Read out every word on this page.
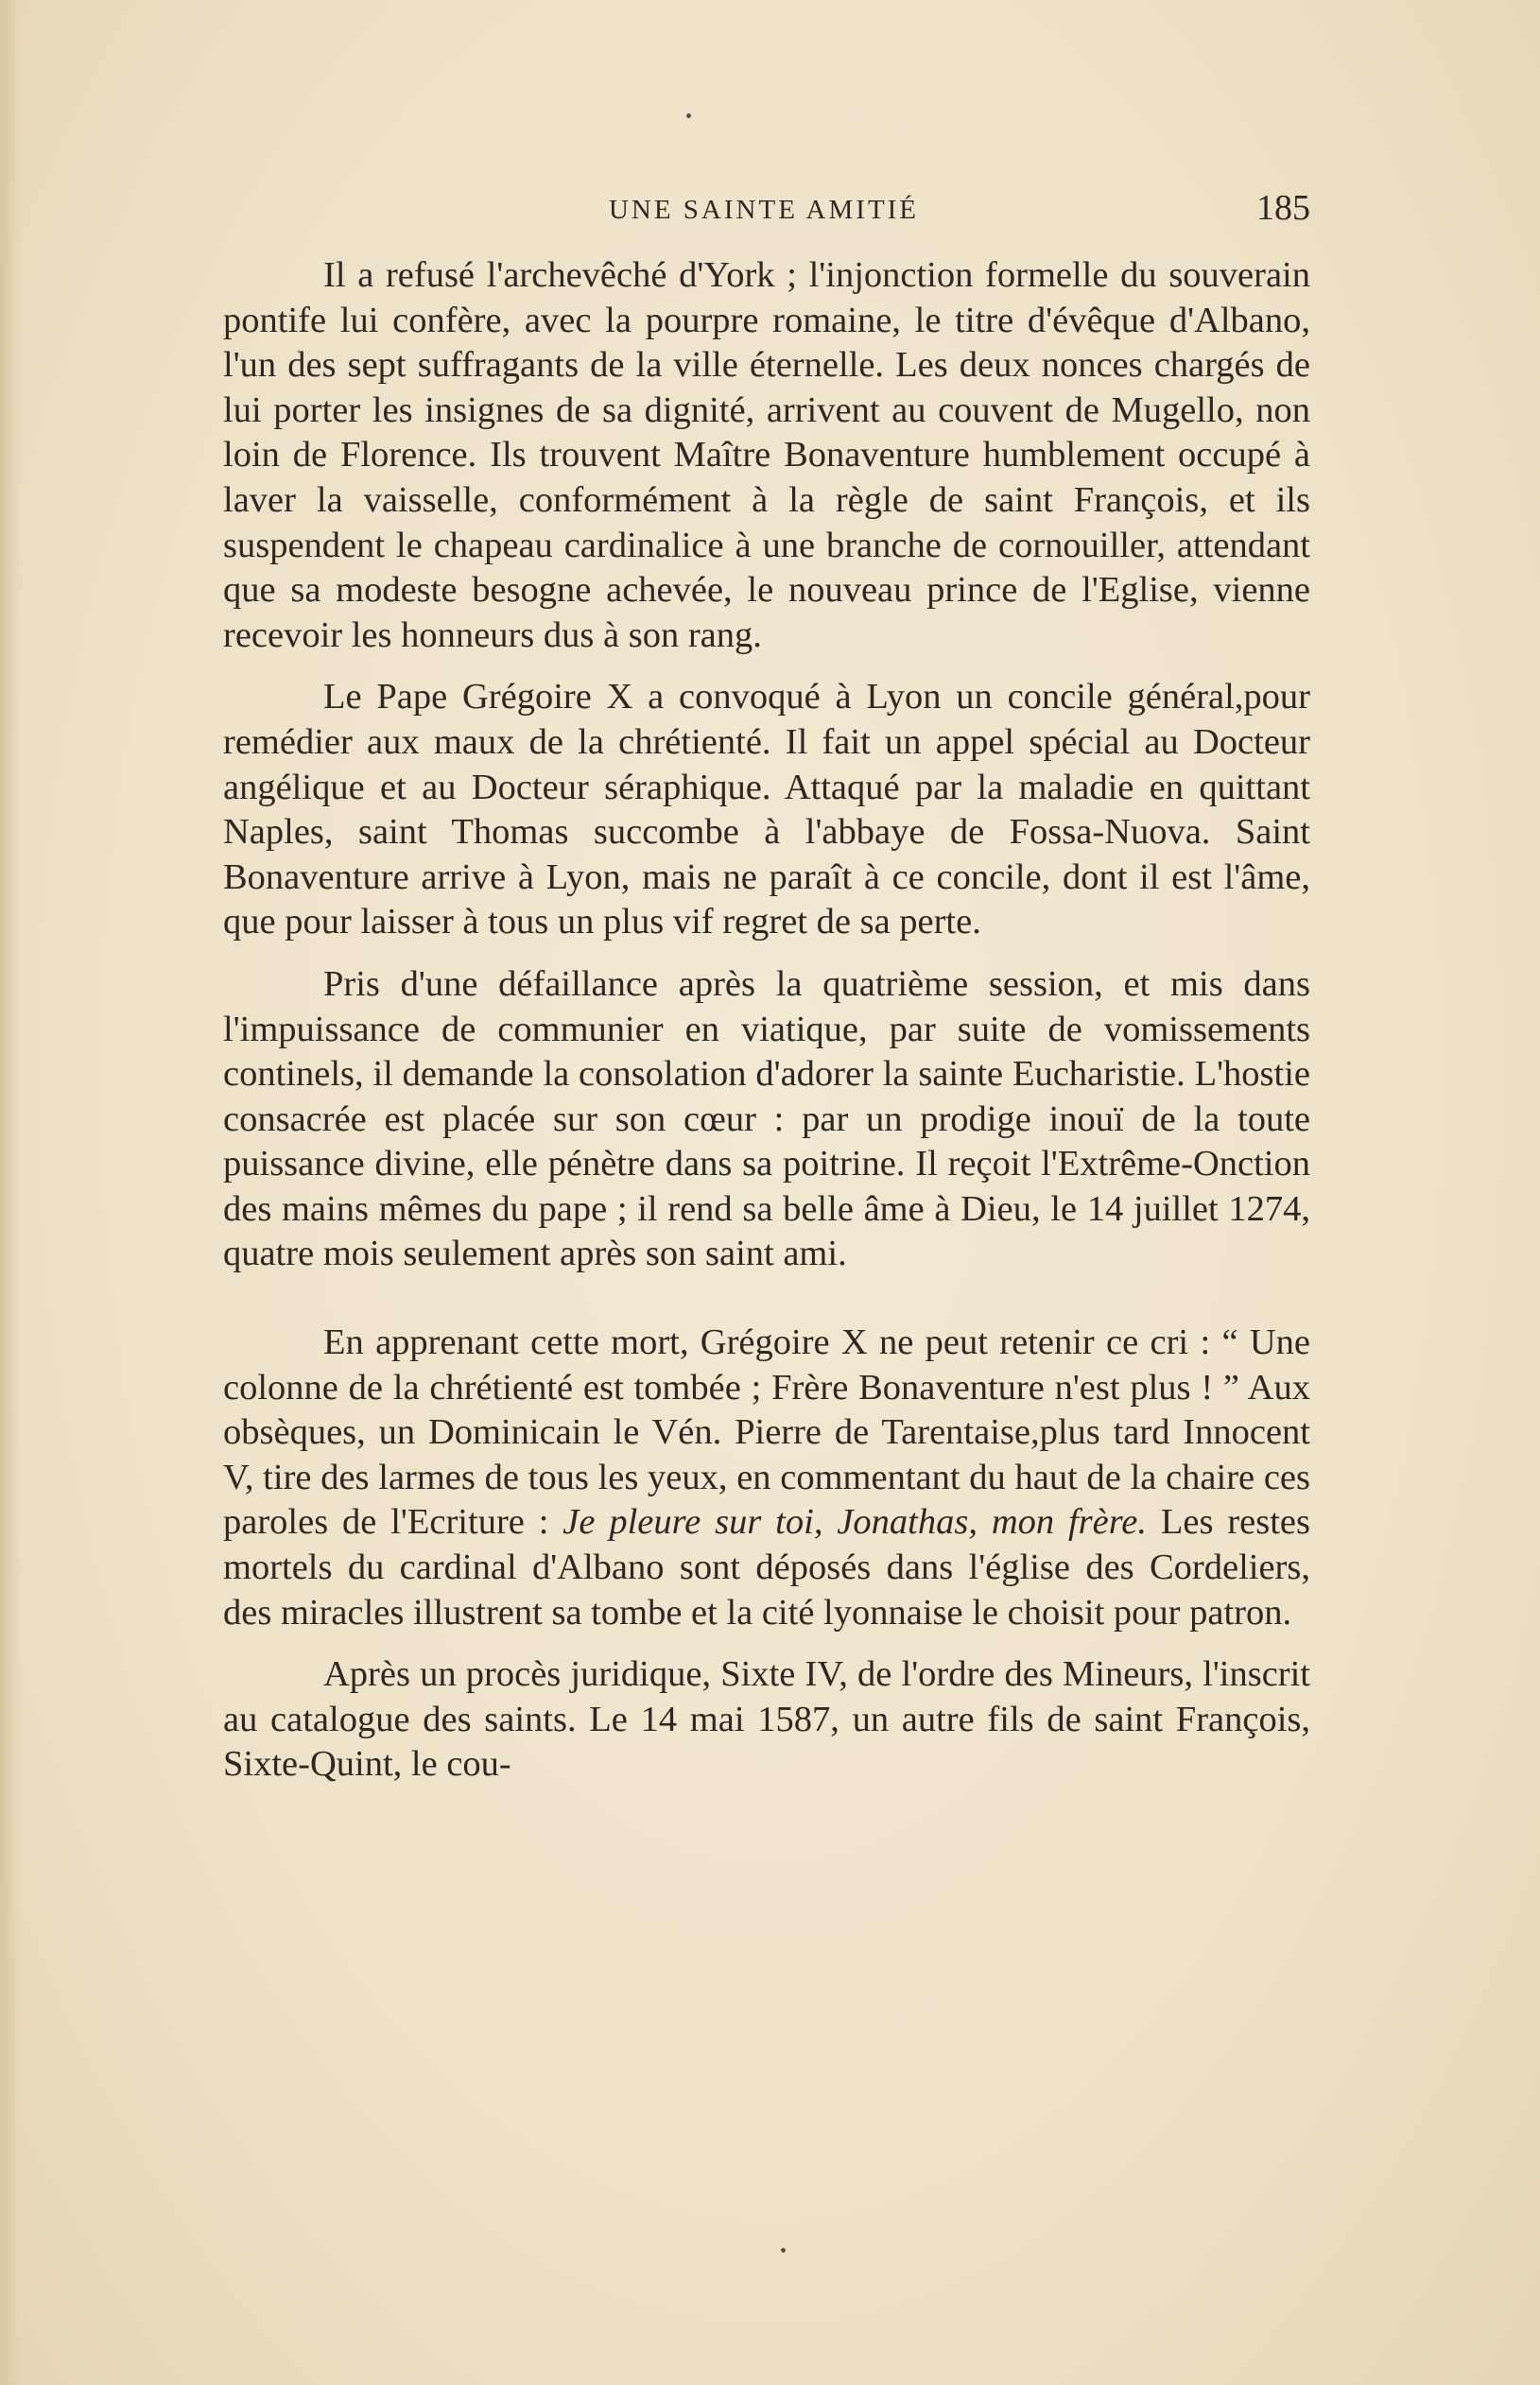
UNE SAINTE AMITIÉ	185

Il a refusé l'archevêché d'York ; l'injonction formelle du souverain pontife lui confère, avec la pourpre romaine, le titre d'évêque d'Albano, l'un des sept suffragants de la ville éternelle. Les deux nonces chargés de lui porter les insignes de sa dignité, arrivent au couvent de Mugello, non loin de Florence. Ils trouvent Maître Bonaventure humblement occupé à laver la vaisselle, conformément à la règle de saint François, et ils suspendent le chapeau cardinalice à une branche de cornouiller, attendant que sa modeste besogne achevée, le nouveau prince de l'Eglise, vienne recevoir les honneurs dus à son rang.

Le Pape Grégoire X a convoqué à Lyon un concile général,pour remédier aux maux de la chrétienté. Il fait un appel spécial au Docteur angélique et au Docteur séraphique. Attaqué par la maladie en quittant Naples, saint Thomas succombe à l'abbaye de Fossa-Nuova. Saint Bonaventure arrive à Lyon, mais ne paraît à ce concile, dont il est l'âme, que pour laisser à tous un plus vif regret de sa perte.

Pris d'une défaillance après la quatrième session, et mis dans l'impuissance de communier en viatique, par suite de vomissements continels, il demande la consolation d'adorer la sainte Eucharistie. L'hostie consacrée est placée sur son cœur : par un prodige inouï de la toute puissance divine, elle pénètre dans sa poitrine. Il reçoit l'Extrême-Onction des mains mêmes du pape ; il rend sa belle âme à Dieu, le 14 juillet 1274, quatre mois seulement après son saint ami.

En apprenant cette mort, Grégoire X ne peut retenir ce cri : “ Une colonne de la chrétienté est tombée ; Frère Bonaventure n'est plus ! ” Aux obsèques, un Dominicain le Vén. Pierre de Tarentaise,plus tard Innocent V, tire des larmes de tous les yeux, en commentant du haut de la chaire ces paroles de l'Ecriture : Je pleure sur toi, Jonathas, mon frère. Les restes mortels du cardinal d'Albano sont déposés dans l'église des Cordeliers, des miracles illustrent sa tombe et la cité lyonnaise le choisit pour patron.

Après un procès juridique, Sixte IV, de l'ordre des Mineurs, l'inscrit au catalogue des saints. Le 14 mai 1587, un autre fils de saint François, Sixte-Quint, le cou-
